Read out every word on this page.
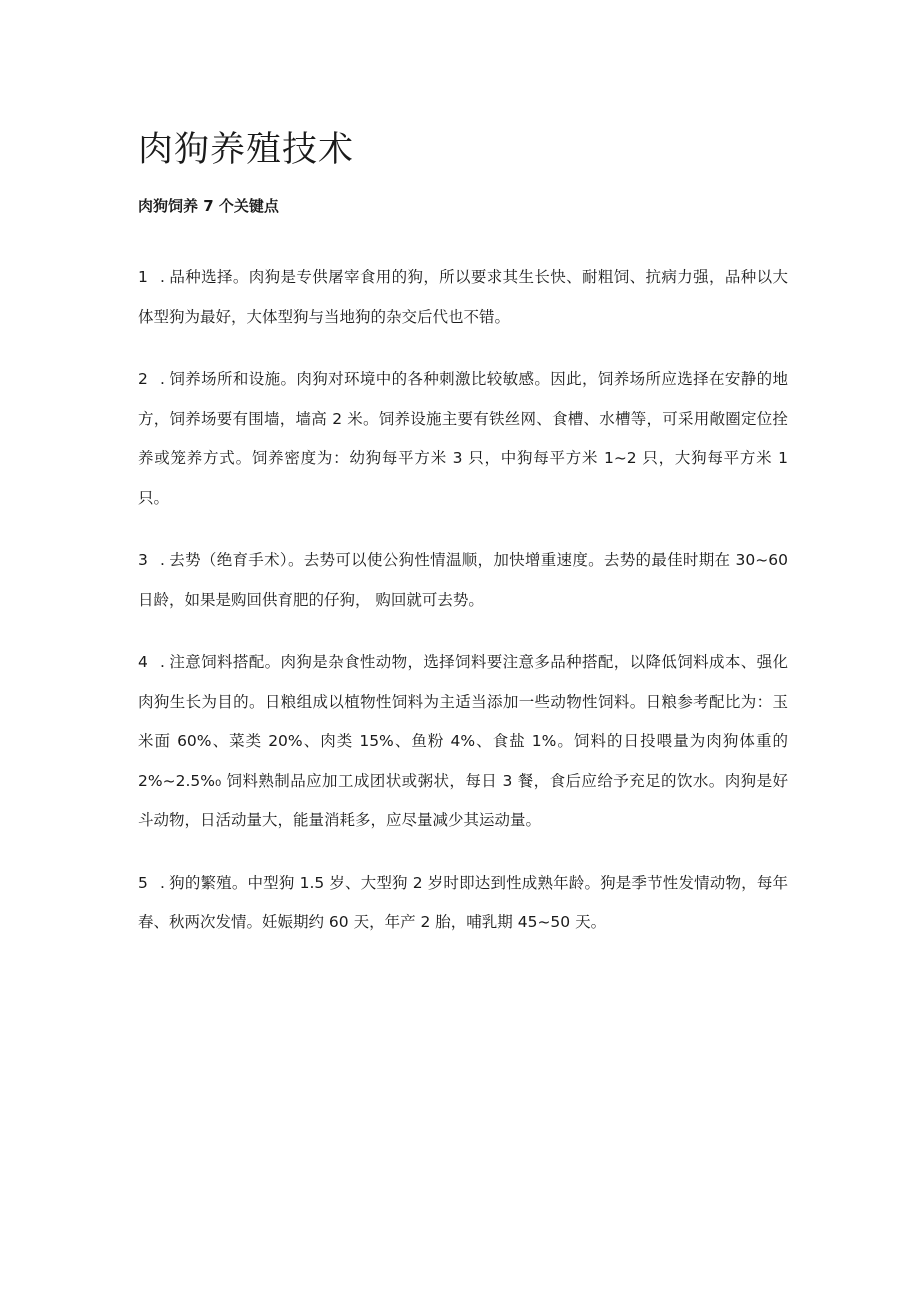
肉狗养殖技术
肉狗饲养 7 个关键点

1 . 品种选择。肉狗是专供屠宰食用的狗，所以要求其生长快、耐粗饲、抗病力强，品种以大体型狗为最好，大体型狗与当地狗的杂交后代也不错。

2 . 饲养场所和设施。肉狗对环境中的各种刺激比较敏感。因此，饲养场所应选择在安静的地方，饲养场要有围墙，墙高 2 米。饲养设施主要有铁丝网、食槽、水槽等，可采用敞圈定位拴养或笼养方式。饲养密度为：幼狗每平方米 3 只，中狗每平方米 1~2 只，大狗每平方米 1 只。

3 . 去势（绝育手术）。去势可以使公狗性情温顺，加快增重速度。去势的最佳时期在 30~60 日龄，如果是购回供育肥的仔狗， 购回就可去势。

4 . 注意饲料搭配。肉狗是杂食性动物，选择饲料要注意多品种搭配，以降低饲料成本、强化肉狗生长为目的。日粮组成以植物性饲料为主适当添加一些动物性饲料。日粮参考配比为：玉米面 60%、菜类 20%、肉类 15%、鱼粉 4%、食盐 1%。饲料的日投喂量为肉狗体重的 2%~2.5%₀ 饲料熟制品应加工成团状或粥状，每日 3 餐，食后应给予充足的饮水。肉狗是好斗动物，日活动量大，能量消耗多，应尽量减少其运动量。

5 . 狗的繁殖。中型狗 1.5 岁、大型狗 2 岁时即达到性成熟年龄。狗是季节性发情动物，每年春、秋两次发情。妊娠期约 60 天，年产 2 胎，哺乳期 45~50 天。
